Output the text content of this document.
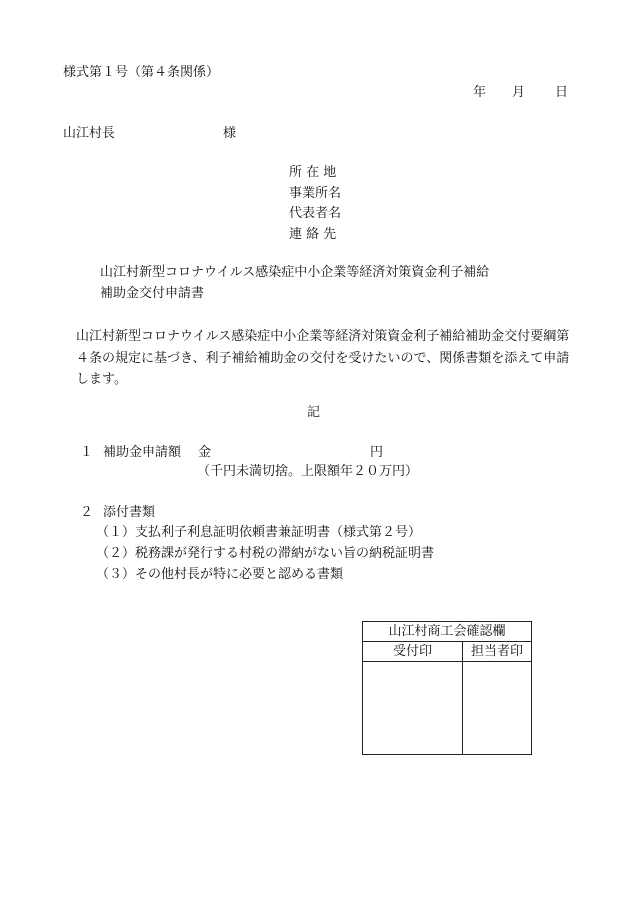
様式第１号（第４条関係）
年 月 日
山江村長	様
所 在 地
事業所名
代表者名
連 絡 先
山江村新型コロナウイルス感染症中小企業等経済対策資金利子補給
補助金交付申請書
山江村新型コロナウイルス感染症中小企業等経済対策資金利子補給補助金交付要綱第４条の規定に基づき、利子補給補助金の交付を受けたいので、関係書類を添えて申請します。
記
１ 補助金申請額 金	円
（千円未満切捨。上限額年２０万円）
２ 添付書類
（１）支払利子利息証明依頼書兼証明書（様式第２号）
（２）税務課が発行する村税の滞納がない旨の納税証明書
（３）その他村長が特に必要と認める書類
山江村商工会確認欄
受付印	担当者印
